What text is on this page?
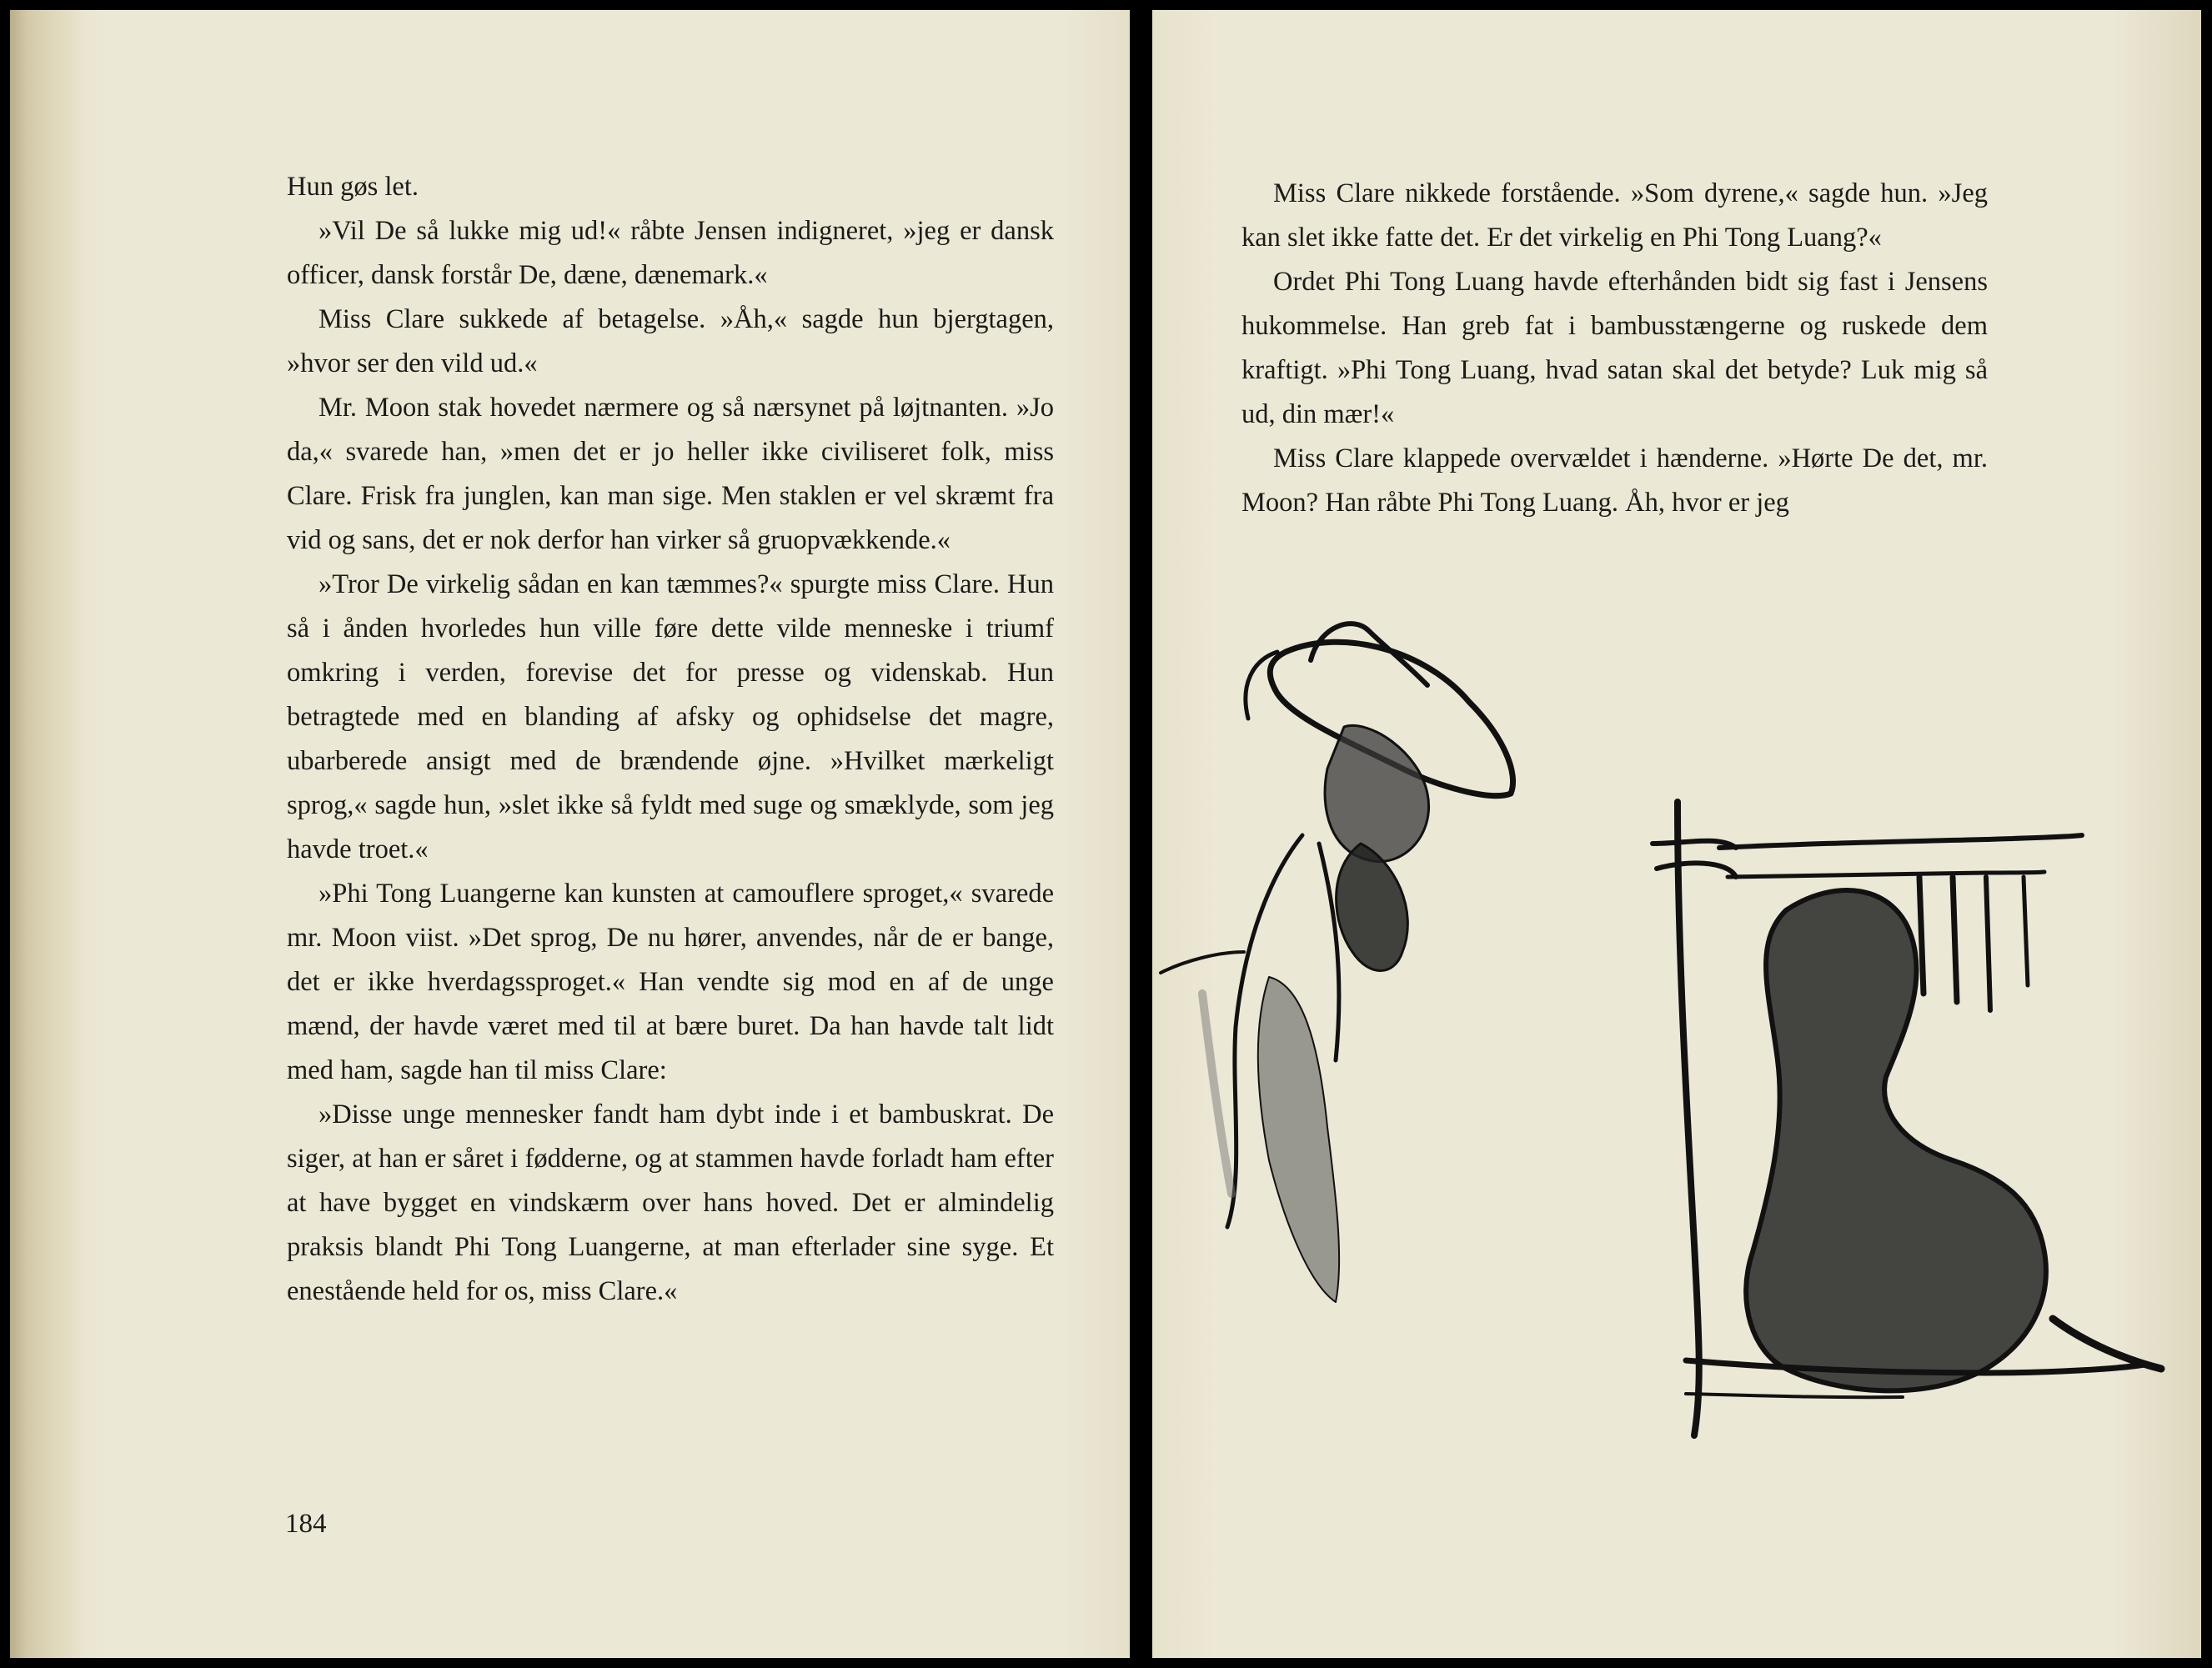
Hun gøs let.

»Vil De så lukke mig ud!« råbte Jensen indigneret, »jeg er dansk officer, dansk forstår De, dæne, dænemark.«

Miss Clare sukkede af betagelse. »Åh,« sagde hun bjergtagen, »hvor ser den vild ud.«

Mr. Moon stak hovedet nærmere og så nærsynet på løjtnanten. »Jo da,« svarede han, »men det er jo heller ikke civiliseret folk, miss Clare. Frisk fra junglen, kan man sige. Men staklen er vel skræmt fra vid og sans, det er nok derfor han virker så gruopvækkende.«

»Tror De virkelig sådan en kan tæmmes?« spurgte miss Clare. Hun så i ånden hvorledes hun ville føre dette vilde menneske i triumf omkring i verden, forevise det for presse og videnskab. Hun betragtede med en blanding af afsky og ophidselse det magre, ubarberede ansigt med de brændende øjne. »Hvilket mærkeligt sprog,« sagde hun, »slet ikke så fyldt med suge og smæklyde, som jeg havde troet.«

»Phi Tong Luangerne kan kunsten at camouflere sproget,« svarede mr. Moon viist. »Det sprog, De nu hører, anvendes, når de er bange, det er ikke hverdagssproget.« Han vendte sig mod en af de unge mænd, der havde været med til at bære buret. Da han havde talt lidt med ham, sagde han til miss Clare:

»Disse unge mennesker fandt ham dybt inde i et bambuskrat. De siger, at han er såret i fødderne, og at stammen havde forladt ham efter at have bygget en vindskærm over hans hoved. Det er almindelig praksis blandt Phi Tong Luangerne, at man efterlader sine syge. Et enestående held for os, miss Clare.«

184

Miss Clare nikkede forstående. »Som dyrene,« sagde hun. »Jeg kan slet ikke fatte det. Er det virkelig en Phi Tong Luang?«

Ordet Phi Tong Luang havde efterhånden bidt sig fast i Jensens hukommelse. Han greb fat i bambusstængerne og ruskede dem kraftigt. »Phi Tong Luang, hvad satan skal det betyde? Luk mig så ud, din mær!«

Miss Clare klappede overvældet i hænderne. »Hørte De det, mr. Moon? Han råbte Phi Tong Luang. Åh, hvor er jeg
